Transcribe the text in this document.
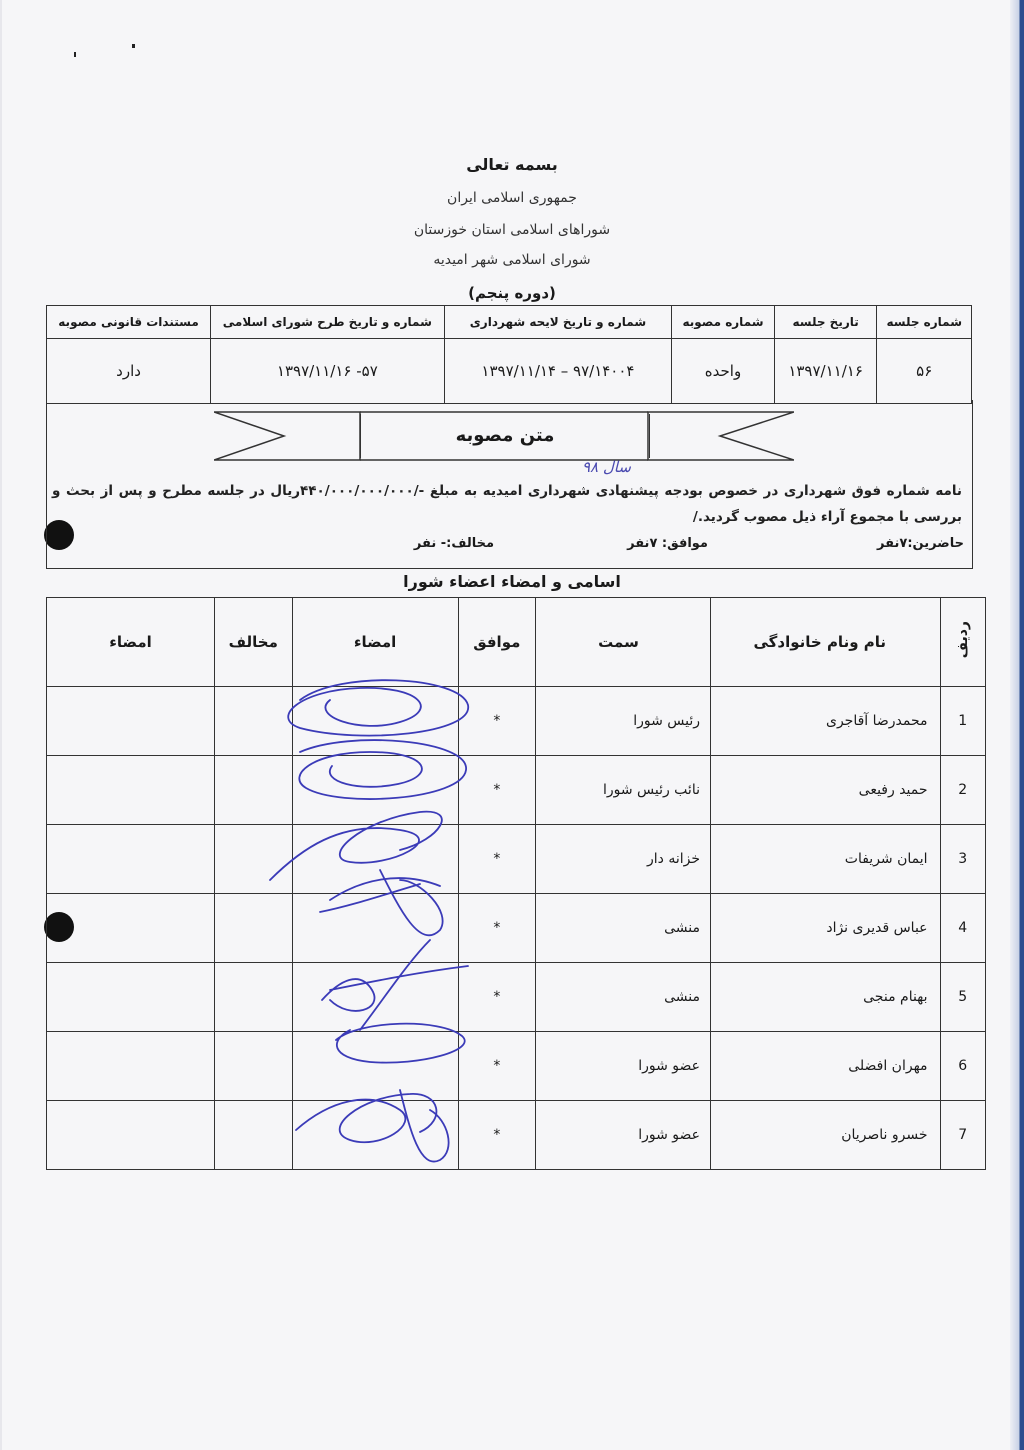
بسمه تعالی
جمهوری اسلامی ایران
شوراهای اسلامی استان خوزستان
شورای اسلامی شهر امیدیه
(دوره پنجم)
شماره جلسه	تاریخ جلسه	شماره مصوبه	شماره و تاریخ لایحه شهرداری	شماره و تاریخ طرح شورای اسلامی	مستندات قانونی مصوبه
۵۶	۱۳۹۷/۱۱/۱۶	واحده	۹۷/۱۴۰۰۴ – ۱۳۹۷/۱۱/۱۴	۵۷- ۱۳۹۷/۱۱/۱۶	دارد
متن مصوبه
سال ۹۸
نامه شماره فوق شهرداری در خصوص بودجه پیشنهادی شهرداری امیدیه به مبلغ -/۴۴۰/۰۰۰/۰۰۰/۰۰۰ریال در جلسه مطرح و پس از بحث و بررسی با مجموع آراء ذیل مصوب گردید./
حاضرین:۷نفر
موافق: ۷نفر
مخالف:- نفر
اسامی و امضاء اعضاء شورا
ردیف	نام ونام خانوادگی	سمت	موافق	امضاء	مخالف	امضاء
1	محمدرضا آقاجری	رئیس شورا	*			
2	حمید رفیعی	نائب رئیس شورا	*			
3	ایمان شریفات	خزانه دار	*			
4	عباس قدیری نژاد	منشی	*			
5	بهنام منجی	منشی	*			
6	مهران افضلی	عضو شورا	*			
7	خسرو ناصریان	عضو شورا	*			
